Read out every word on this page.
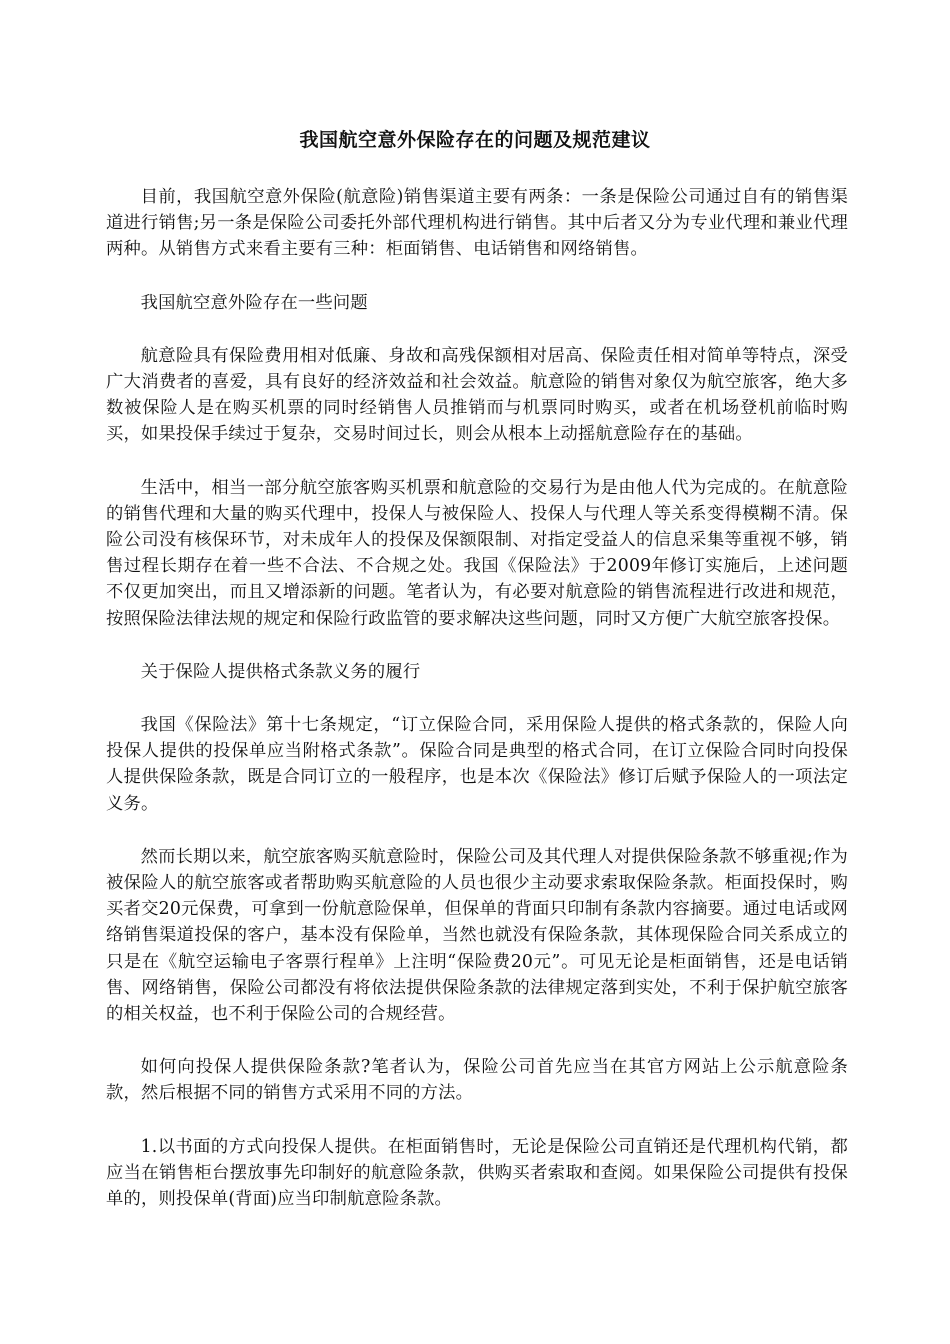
我国航空意外保险存在的问题及规范建议

目前，我国航空意外保险(航意险)销售渠道主要有两条：一条是保险公司通过自有的销售渠道进行销售;另一条是保险公司委托外部代理机构进行销售。其中后者又分为专业代理和兼业代理两种。从销售方式来看主要有三种：柜面销售、电话销售和网络销售。

我国航空意外险存在一些问题

航意险具有保险费用相对低廉、身故和高残保额相对居高、保险责任相对简单等特点，深受广大消费者的喜爱，具有良好的经济效益和社会效益。航意险的销售对象仅为航空旅客，绝大多数被保险人是在购买机票的同时经销售人员推销而与机票同时购买，或者在机场登机前临时购买，如果投保手续过于复杂，交易时间过长，则会从根本上动摇航意险存在的基础。

生活中，相当一部分航空旅客购买机票和航意险的交易行为是由他人代为完成的。在航意险的销售代理和大量的购买代理中，投保人与被保险人、投保人与代理人等关系变得模糊不清。保险公司没有核保环节，对未成年人的投保及保额限制、对指定受益人的信息采集等重视不够，销售过程长期存在着一些不合法、不合规之处。我国《保险法》于2009年修订实施后，上述问题不仅更加突出，而且又增添新的问题。笔者认为，有必要对航意险的销售流程进行改进和规范，按照保险法律法规的规定和保险行政监管的要求解决这些问题，同时又方便广大航空旅客投保。

关于保险人提供格式条款义务的履行

我国《保险法》第十七条规定，“订立保险合同，采用保险人提供的格式条款的，保险人向投保人提供的投保单应当附格式条款”。保险合同是典型的格式合同，在订立保险合同时向投保人提供保险条款，既是合同订立的一般程序，也是本次《保险法》修订后赋予保险人的一项法定义务。

然而长期以来，航空旅客购买航意险时，保险公司及其代理人对提供保险条款不够重视;作为被保险人的航空旅客或者帮助购买航意险的人员也很少主动要求索取保险条款。柜面投保时，购买者交20元保费，可拿到一份航意险保单，但保单的背面只印制有条款内容摘要。通过电话或网络销售渠道投保的客户，基本没有保险单，当然也就没有保险条款，其体现保险合同关系成立的只是在《航空运输电子客票行程单》上注明“保险费20元”。可见无论是柜面销售，还是电话销售、网络销售，保险公司都没有将依法提供保险条款的法律规定落到实处，不利于保护航空旅客的相关权益，也不利于保险公司的合规经营。

如何向投保人提供保险条款?笔者认为，保险公司首先应当在其官方网站上公示航意险条款，然后根据不同的销售方式采用不同的方法。

1.以书面的方式向投保人提供。在柜面销售时，无论是保险公司直销还是代理机构代销，都应当在销售柜台摆放事先印制好的航意险条款，供购买者索取和查阅。如果保险公司提供有投保单的，则投保单(背面)应当印制航意险条款。
